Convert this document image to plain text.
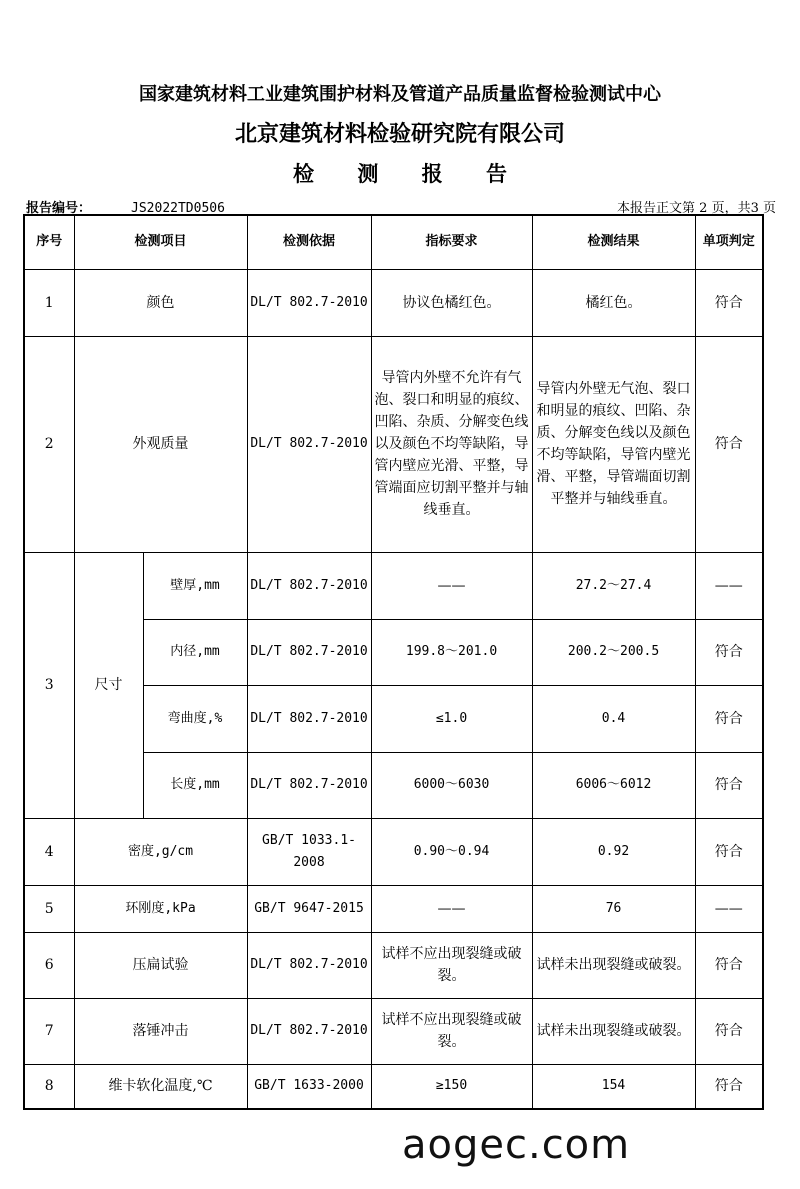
国家建筑材料工业建筑围护材料及管道产品质量监督检验测试中心
北京建筑材料检验研究院有限公司
检 测 报 告
报告编号：	JS2022TD0506	本报告正文第 2 页，共3 页
序号	检测项目		检测依据	指标要求	检测结果	单项判定
1	颜色		DL/T 802.7-2010	协议色橘红色。	橘红色。	符合
2	外观质量		DL/T 802.7-2010	导管内外壁不允许有气泡、裂口和明显的痕纹、凹陷、杂质、分解变色线以及颜色不均等缺陷，导管内壁应光滑、平整，导管端面应切割平整并与轴线垂直。	导管内外壁无气泡、裂口和明显的痕纹、凹陷、杂质、分解变色线以及颜色不均等缺陷，导管内壁光滑、平整，导管端面切割平整并与轴线垂直。	符合
3	尺寸	壁厚,mm	DL/T 802.7-2010	——	27.2～27.4	——
		内径,mm	DL/T 802.7-2010	199.8～201.0	200.2～200.5	符合
		弯曲度,%	DL/T 802.7-2010	≤1.0	0.4	符合
		长度,mm	DL/T 802.7-2010	6000～6030	6006～6012	符合
4	密度,g/cm		GB/T 1033.1-2008	0.90～0.94	0.92	符合
5	环刚度,kPa		GB/T 9647-2015	——	76	——
6	压扁试验		DL/T 802.7-2010	试样不应出现裂缝或破裂。	试样未出现裂缝或破裂。	符合
7	落锤冲击		DL/T 802.7-2010	试样不应出现裂缝或破裂。	试样未出现裂缝或破裂。	符合
8	维卡软化温度,℃		GB/T 1633-2000	≥150	154	符合
aogec.com
